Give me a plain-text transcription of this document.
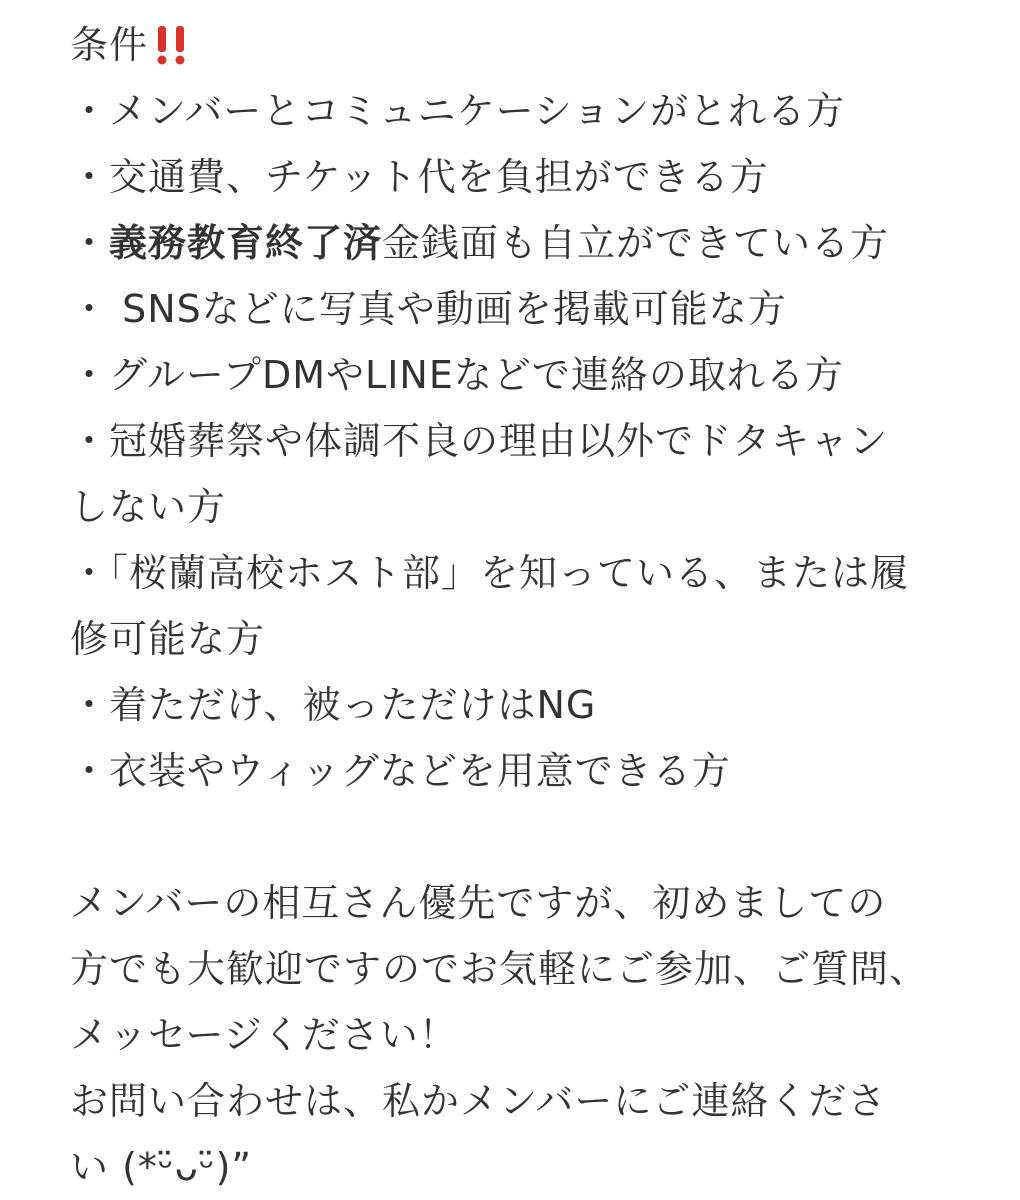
条件
・メンバーとコミュニケーションがとれる方
・交通費、チケット代を負担ができる方
・義務教育終了済金銭面も自立ができている方
・ SNSなどに写真や動画を掲載可能な方
・グループDMやLINEなどで連絡の取れる方
・冠婚葬祭や体調不良の理由以外でドタキャン
しない方
・「桜蘭高校ホスト部」を知っている、または履
修可能な方
・着ただけ、被っただけはNG
・衣装やウィッグなどを用意できる方
メンバーの相互さん優先ですが、初めましての
方でも大歓迎ですのでお気軽にご参加、ご質問、
メッセージください！
お問い合わせは、私かメンバーにご連絡くださ
い (*ᵕ̈ᴗᵕ̈)”
